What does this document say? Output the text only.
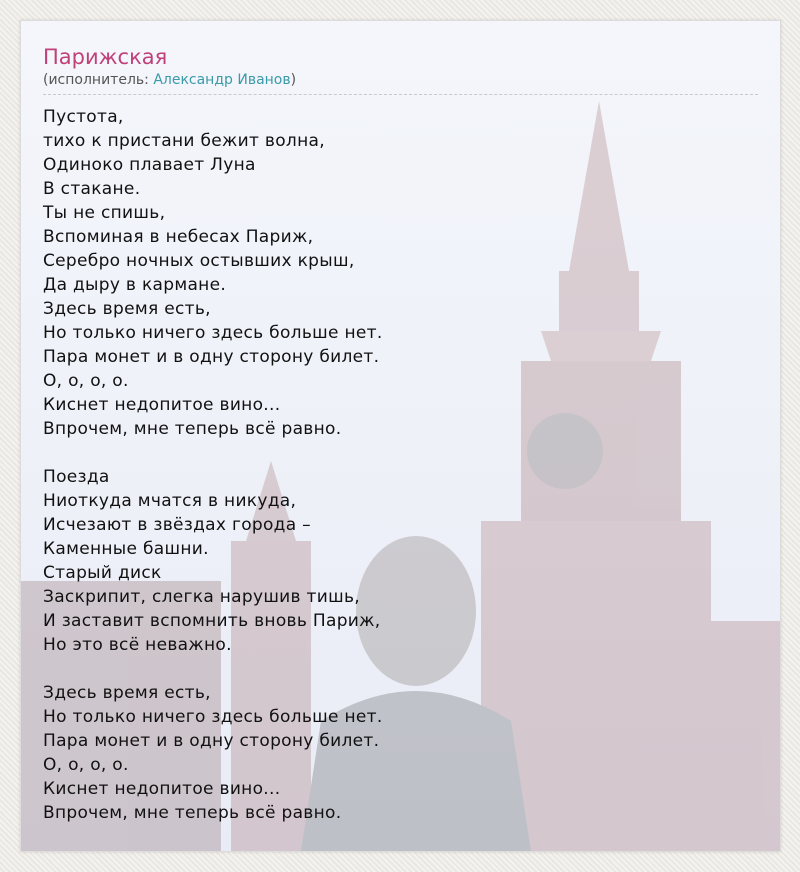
Парижская
(исполнитель: Александр Иванов)
Пустота,
тихо к пристани бежит волна,
Одиноко плавает Луна
В стакане.
Ты не спишь,
Вспоминая в небесах Париж,
Серебро ночных остывших крыш,
Да дыру в кармане.
Здесь время есть,
Но только ничего здесь больше нет.
Пара монет и в одну сторону билет.
О, о, о, о.
Киснет недопитое вино...
Впрочем, мне теперь всё равно.
Поезда
Ниоткуда мчатся в никуда,
Исчезают в звёздах города –
Каменные башни.
Старый диск
Заскрипит, слегка нарушив тишь,
И заставит вспомнить вновь Париж,
Но это всё неважно.
Здесь время есть,
Но только ничего здесь больше нет.
Пара монет и в одну сторону билет.
О, о, о, о.
Киснет недопитое вино...
Впрочем, мне теперь всё равно.
